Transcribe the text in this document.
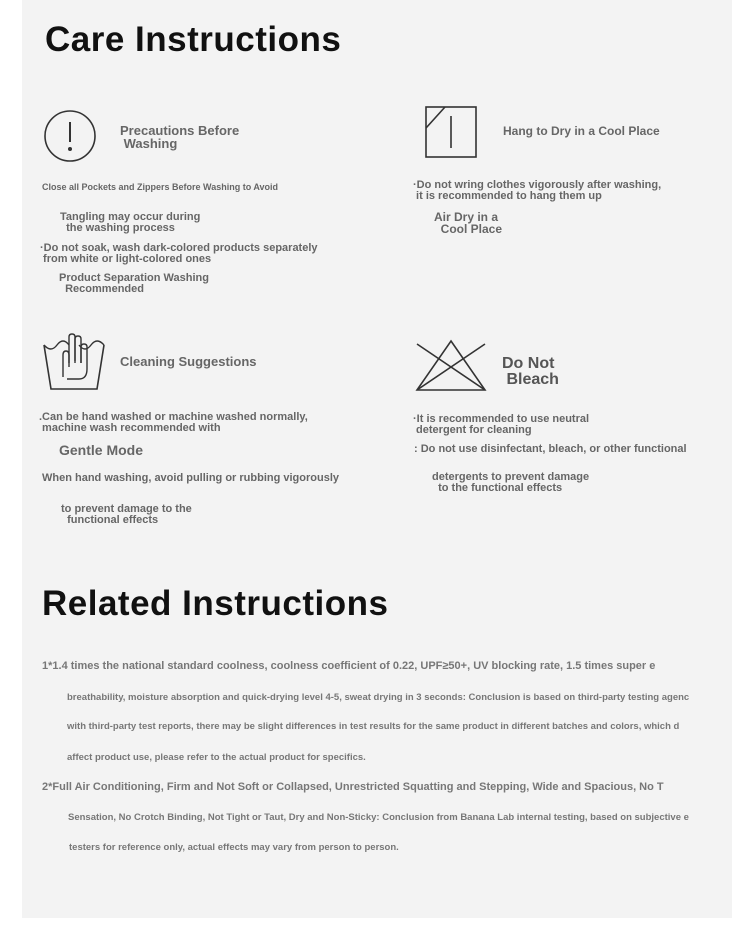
Care Instructions
Precautions Before
Washing
Close all Pockets and Zippers Before Washing to Avoid
Tangling may occur during
the washing process
·Do not soak, wash dark-colored products separately
from white or light-colored ones
Product Separation Washing
Recommended
Hang to Dry in a Cool Place
·Do not wring clothes vigorously after washing,
it is recommended to hang them up
Air Dry in a
Cool Place
Cleaning Suggestions
.Can be hand washed or machine washed normally,
machine wash recommended with
Gentle Mode
When hand washing, avoid pulling or rubbing vigorously
to prevent damage to the
functional effects
Do Not
Bleach
·It is recommended to use neutral
detergent for cleaning
: Do not use disinfectant, bleach, or other functional
detergents to prevent damage
to the functional effects
Related Instructions
1*1.4 times the national standard coolness, coolness coefficient of 0.22, UPF≥50+, UV blocking rate, 1.5 times super e
breathability, moisture absorption and quick-drying level 4-5, sweat drying in 3 seconds: Conclusion is based on third-party testing agenc
with third-party test reports, there may be slight differences in test results for the same product in different batches and colors, which d
affect product use, please refer to the actual product for specifics.
2*Full Air Conditioning, Firm and Not Soft or Collapsed, Unrestricted Squatting and Stepping, Wide and Spacious, No T
Sensation, No Crotch Binding, Not Tight or Taut, Dry and Non-Sticky: Conclusion from Banana Lab internal testing, based on subjective e
testers for reference only, actual effects may vary from person to person.
